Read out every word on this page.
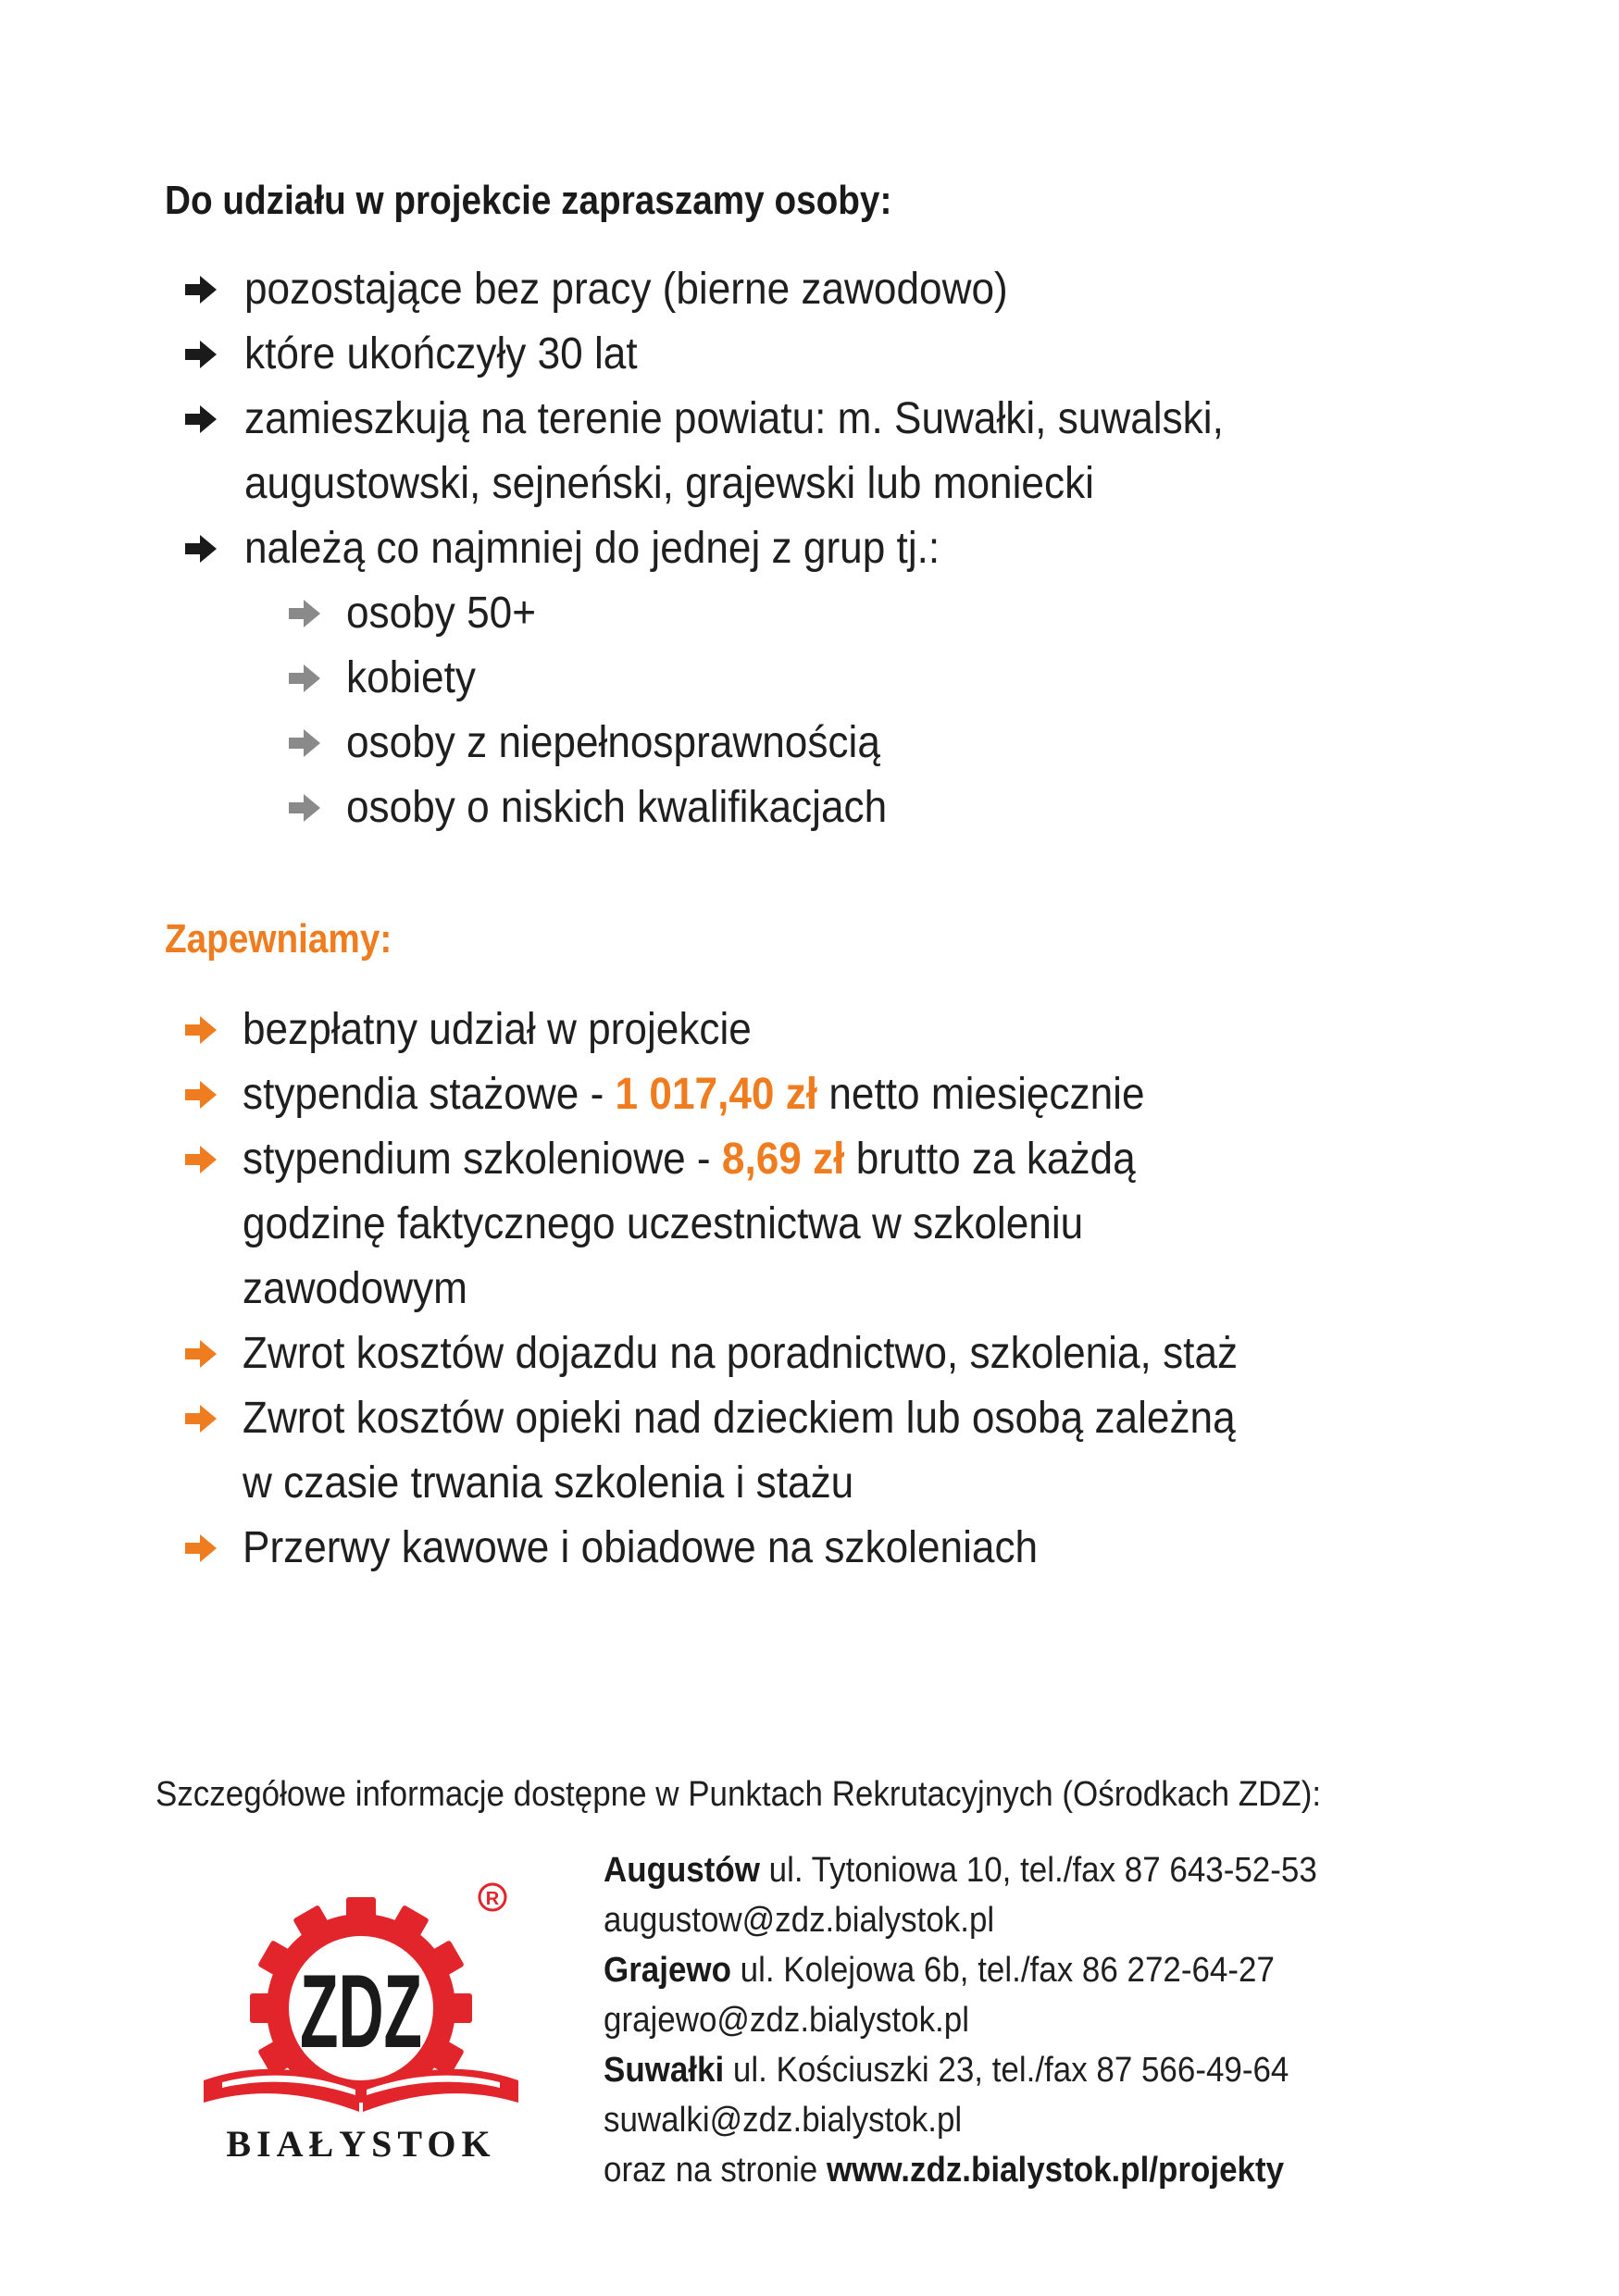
Do udziału w projekcie zapraszamy osoby:
pozostające bez pracy (bierne zawodowo)
które ukończyły 30 lat
zamieszkują na terenie powiatu: m. Suwałki, suwalski,
augustowski, sejneński, grajewski lub moniecki
należą co najmniej do jednej z grup tj.:
osoby 50+
kobiety
osoby z niepełnosprawnością
osoby o niskich kwalifikacjach
Zapewniamy:
bezpłatny udział w projekcie
stypendia stażowe - 1 017,40 zł netto miesięcznie
stypendium szkoleniowe - 8,69 zł brutto za każdą
godzinę faktycznego uczestnictwa w szkoleniu
zawodowym
Zwrot kosztów dojazdu na poradnictwo, szkolenia, staż
Zwrot kosztów opieki nad dzieckiem lub osobą zależną
w czasie trwania szkolenia i stażu
Przerwy kawowe i obiadowe na szkoleniach
Szczegółowe informacje dostępne w Punktach Rekrutacyjnych (Ośrodkach ZDZ):
ZDZ
R
BIAŁYSTOK
Augustów ul. Tytoniowa 10, tel./fax 87 643-52-53
augustow@zdz.bialystok.pl
Grajewo ul. Kolejowa 6b, tel./fax 86 272-64-27
grajewo@zdz.bialystok.pl
Suwałki ul. Kościuszki 23, tel./fax 87 566-49-64
suwalki@zdz.bialystok.pl
oraz na stronie www.zdz.bialystok.pl/projekty
